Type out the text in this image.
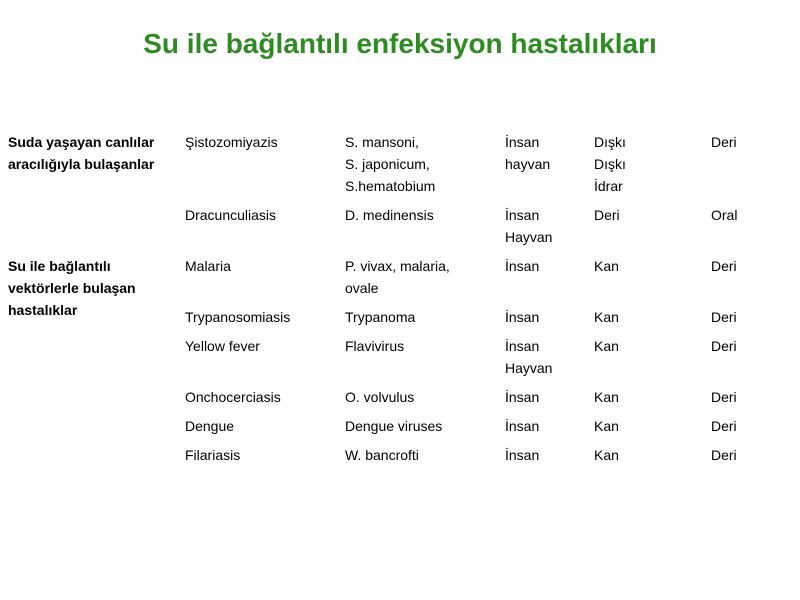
Su ile bağlantılı enfeksiyon hastalıkları
Suda yaşayan canlılar
aracılığıyla bulaşanlar	Şistozomiyazis	S. mansoni,
S. japonicum,
S.hematobium	İnsan
hayvan	Dışkı
Dışkı
İdrar	Deri

	Dracunculiasis	D. medinensis	İnsan
Hayvan	Deri	Oral

Su ile bağlantılı
vektörlerle bulaşan
hastalıklar	Malaria	P. vivax, malaria,
ovale	İnsan	Kan	Deri

	Trypanosomiasis	Trypanoma	İnsan	Kan	Deri

	Yellow fever	Flavivirus	İnsan
Hayvan	Kan	Deri

	Onchocerciasis	O. volvulus	İnsan	Kan	Deri

	Dengue	Dengue viruses	İnsan	Kan	Deri

	Filariasis	W. bancrofti	İnsan	Kan	Deri
